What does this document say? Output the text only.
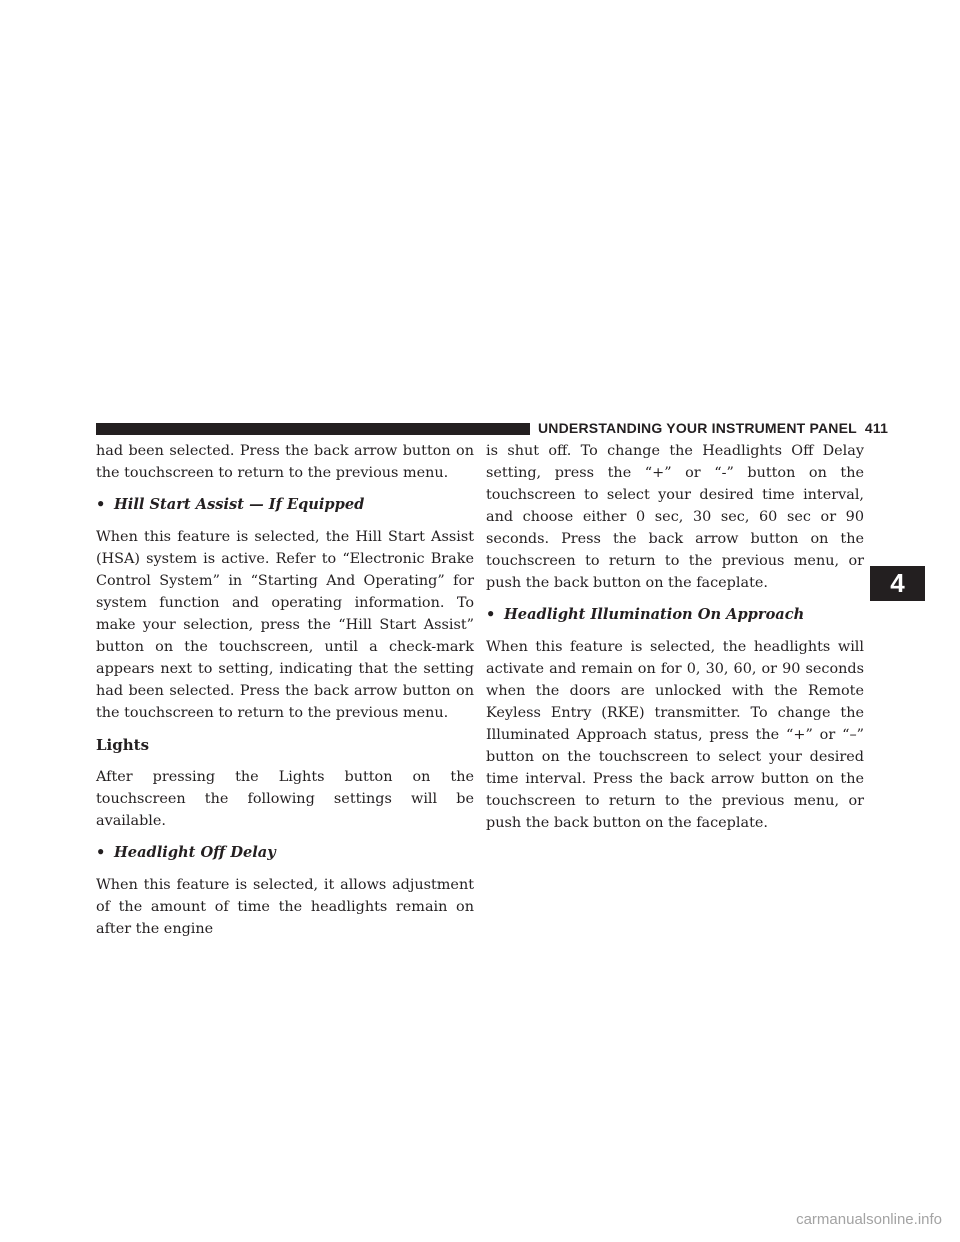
UNDERSTANDING YOUR INSTRUMENT PANEL 411

had been selected. Press the back arrow button on the touchscreen to return to the previous menu.

• Hill Start Assist — If Equipped

When this feature is selected, the Hill Start Assist (HSA) system is active. Refer to “Electronic Brake Control System” in “Starting And Operating” for system function and operating information. To make your selection, press the “Hill Start Assist” button on the touchscreen, until a check-mark appears next to setting, indicating that the setting had been selected. Press the back arrow button on the touchscreen to return to the previous menu.

Lights

After pressing the Lights button on the touchscreen the following settings will be available.

• Headlight Off Delay

When this feature is selected, it allows adjustment of the amount of time the headlights remain on after the engine

is shut off. To change the Headlights Off Delay setting, press the “+” or “-” button on the touchscreen to select your desired time interval, and choose either 0 sec, 30 sec, 60 sec or 90 seconds. Press the back arrow button on the touchscreen to return to the previous menu, or push the back button on the faceplate.

• Headlight Illumination On Approach

When this feature is selected, the headlights will activate and remain on for 0, 30, 60, or 90 seconds when the doors are unlocked with the Remote Keyless Entry (RKE) transmitter. To change the Illuminated Approach status, press the “+” or “–” button on the touchscreen to select your desired time interval. Press the back arrow button on the touchscreen to return to the previous menu, or push the back button on the faceplate.

4
carmanualsonline.info
